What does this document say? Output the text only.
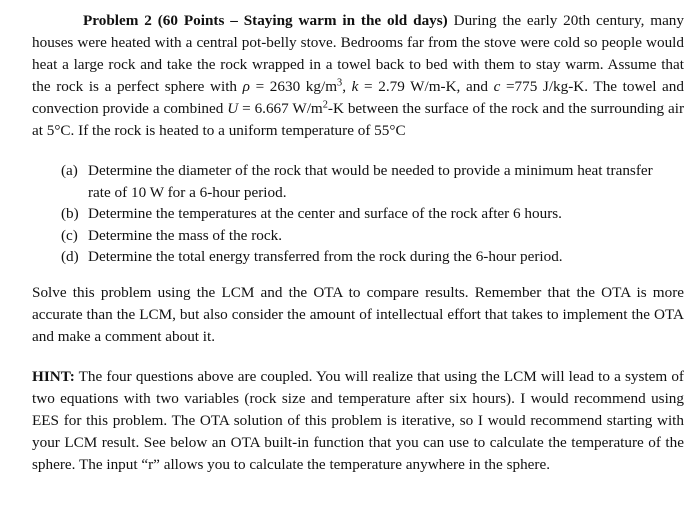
Problem 2 (60 Points – Staying warm in the old days) During the early 20th century, many houses were heated with a central pot-belly stove. Bedrooms far from the stove were cold so people would heat a large rock and take the rock wrapped in a towel back to bed with them to stay warm. Assume that the rock is a perfect sphere with ρ = 2630 $kg/m^3$, k = 2.79 W/m-K, and c =775 J/kg-K. The towel and convection provide a combined U = 6.667 $W/m^2-K$ between the surface of the rock and the surrounding air at 5°C. If the rock is heated to a uniform temperature of 55°C

(a) Determine the diameter of the rock that would be needed to provide a minimum heat transfer rate of 10 W for a 6-hour period.
(b) Determine the temperatures at the center and surface of the rock after 6 hours.
(c) Determine the mass of the rock.
(d) Determine the total energy transferred from the rock during the 6-hour period.

Solve this problem using the LCM and the OTA to compare results. Remember that the OTA is more accurate than the LCM, but also consider the amount of intellectual effort that takes to implement the OTA and make a comment about it.

HINT: The four questions above are coupled. You will realize that using the LCM will lead to a system of two equations with two variables (rock size and temperature after six hours). I would recommend using EES for this problem. The OTA solution of this problem is iterative, so I would recommend starting with your LCM result. See below an OTA built-in function that you can use to calculate the temperature of the sphere. The input “r” allows you to calculate the temperature anywhere in the sphere.
